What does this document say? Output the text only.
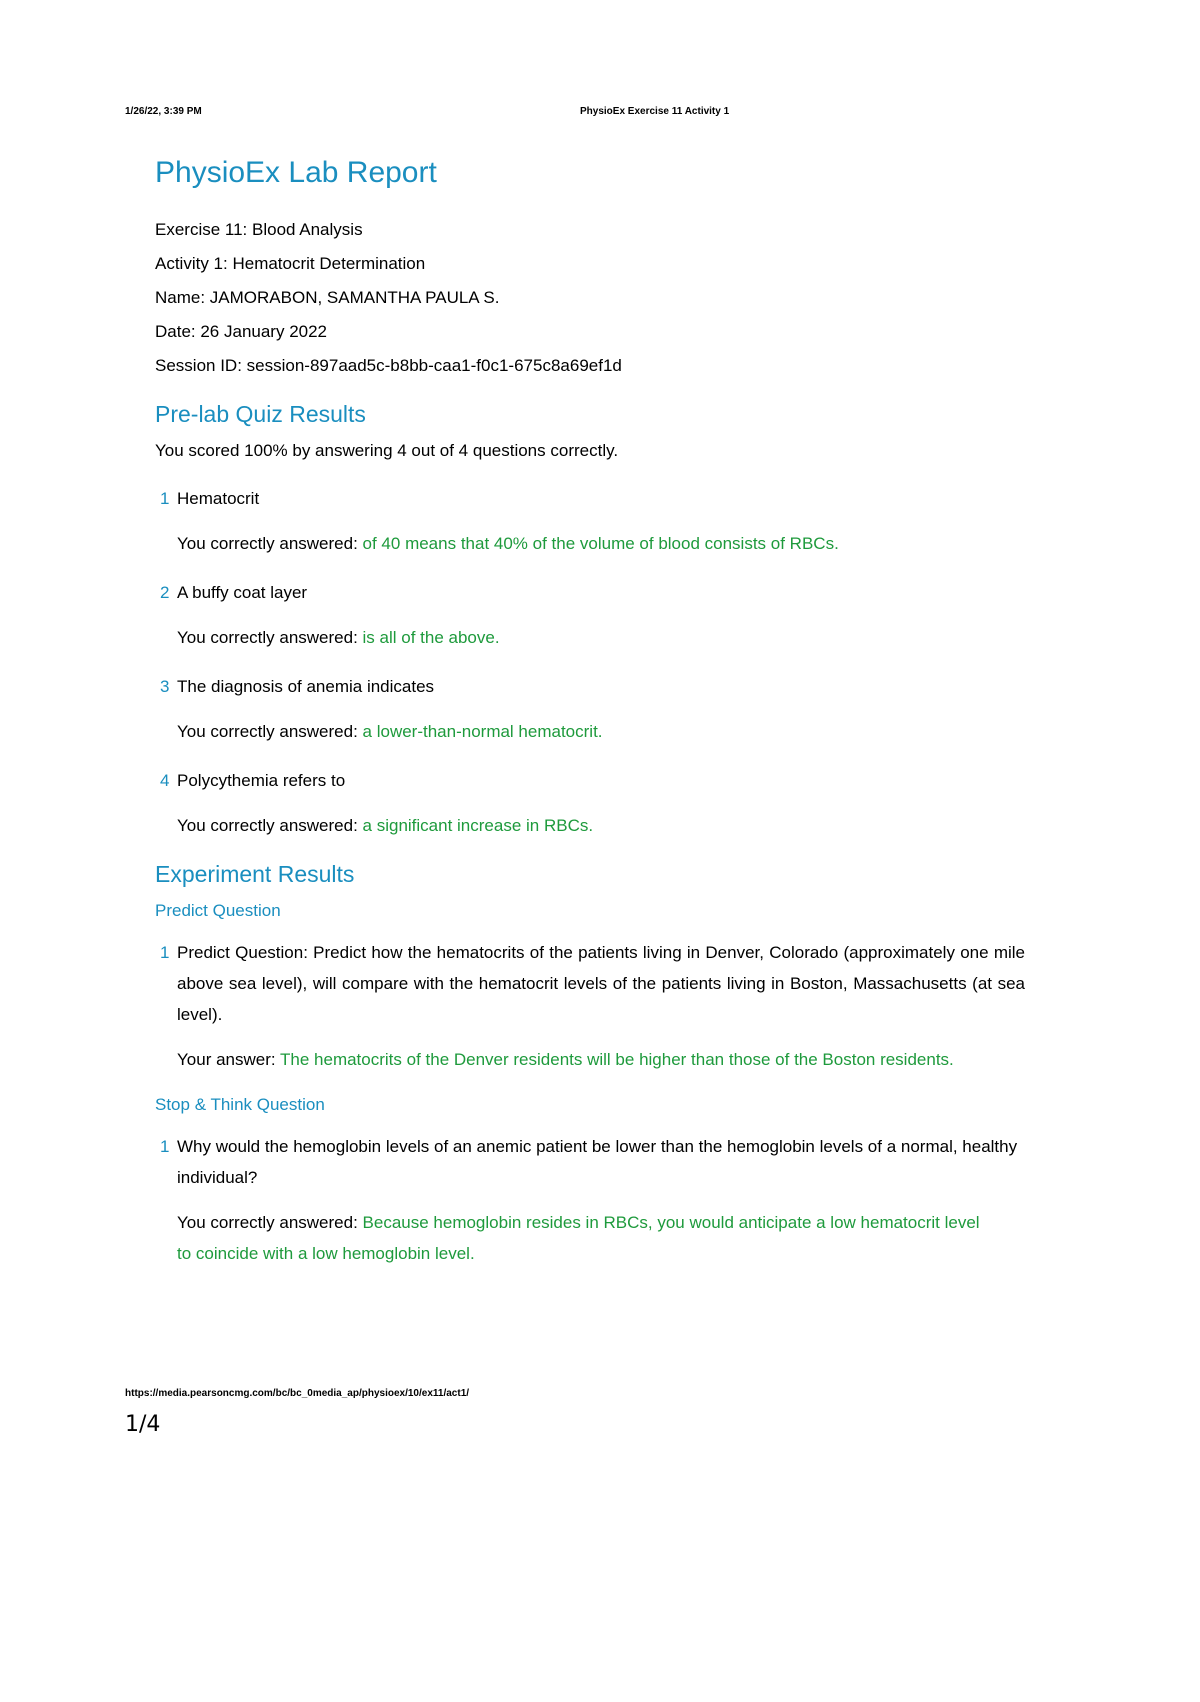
1/26/22, 3:39 PM	PhysioEx Exercise 11 Activity 1
PhysioEx Lab Report

Exercise 11: Blood Analysis

Activity 1: Hematocrit Determination

Name: JAMORABON, SAMANTHA PAULA S.

Date: 26 January 2022

Session ID: session-897aad5c-b8bb-caa1-f0c1-675c8a69ef1d

Pre-lab Quiz Results

You scored 100% by answering 4 out of 4 questions correctly.

1 Hematocrit

You correctly answered: of 40 means that 40% of the volume of blood consists of RBCs.

2 A buffy coat layer

You correctly answered: is all of the above.

3 The diagnosis of anemia indicates

You correctly answered: a lower-than-normal hematocrit.

4 Polycythemia refers to

You correctly answered: a significant increase in RBCs.

Experiment Results

Predict Question

1 Predict Question: Predict how the hematocrits of the patients living in Denver, Colorado (approximately one mile above sea level), will compare with the hematocrit levels of the patients living in Boston, Massachusetts (at sea level).

Your answer: The hematocrits of the Denver residents will be higher than those of the Boston residents.

Stop & Think Question

1 Why would the hemoglobin levels of an anemic patient be lower than the hemoglobin levels of a normal, healthy individual?

You correctly answered: Because hemoglobin resides in RBCs, you would anticipate a low hematocrit level to coincide with a low hemoglobin level.

https://media.pearsoncmg.com/bc/bc_0media_ap/physioex/10/ex11/act1/
1/4
